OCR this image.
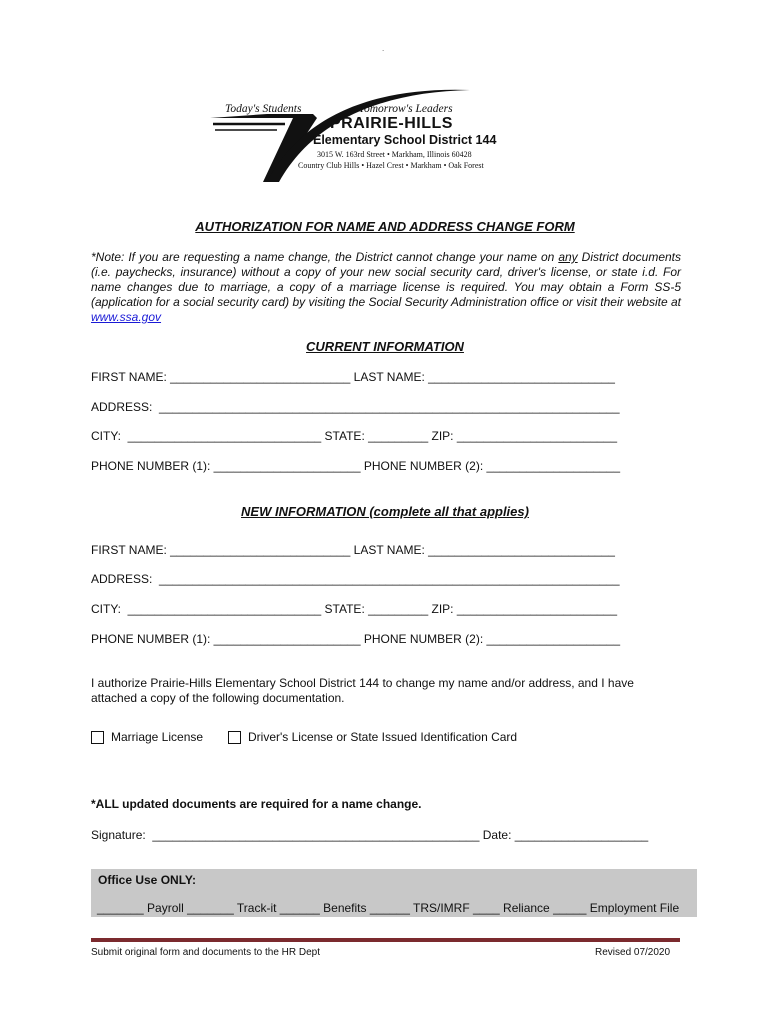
.
Today's Students	...Tomorrow's Leaders
PRAIRIE-HILLS
Elementary School District 144
3015 W. 163rd Street • Markham, Illinois 60428
Country Club Hills • Hazel Crest • Markham • Oak Forest
AUTHORIZATION FOR NAME AND ADDRESS CHANGE FORM
*Note: If you are requesting a name change, the District cannot change your name on any District documents (i.e. paychecks, insurance) without a copy of your new social security card, driver's license, or state i.d. For name changes due to marriage, a copy of a marriage license is required. You may obtain a Form SS-5 (application for a social security card) by visiting the Social Security Administration office or visit their website at www.ssa.gov
CURRENT INFORMATION
FIRST NAME: ___________________________ LAST NAME: ____________________________
ADDRESS:  _____________________________________________________________________
CITY:  _____________________________ STATE: _________ ZIP: ________________________
PHONE NUMBER (1): ______________________ PHONE NUMBER (2): ____________________
NEW INFORMATION (complete all that applies)
FIRST NAME: ___________________________ LAST NAME: ____________________________
ADDRESS:  _____________________________________________________________________
CITY:  _____________________________ STATE: _________ ZIP: ________________________
PHONE NUMBER (1): ______________________ PHONE NUMBER (2): ____________________
I authorize Prairie-Hills Elementary School District 144 to change my name and/or address, and I have attached a copy of the following documentation.
Marriage License	Driver's License or State Issued Identification Card
*ALL updated documents are required for a name change.
Signature:  _________________________________________________ Date: ____________________
Office Use ONLY:
_______ Payroll _______ Track-it ______ Benefits ______ TRS/IMRF ____ Reliance _____ Employment File
Submit original form and documents to the HR Dept	Revised 07/2020
